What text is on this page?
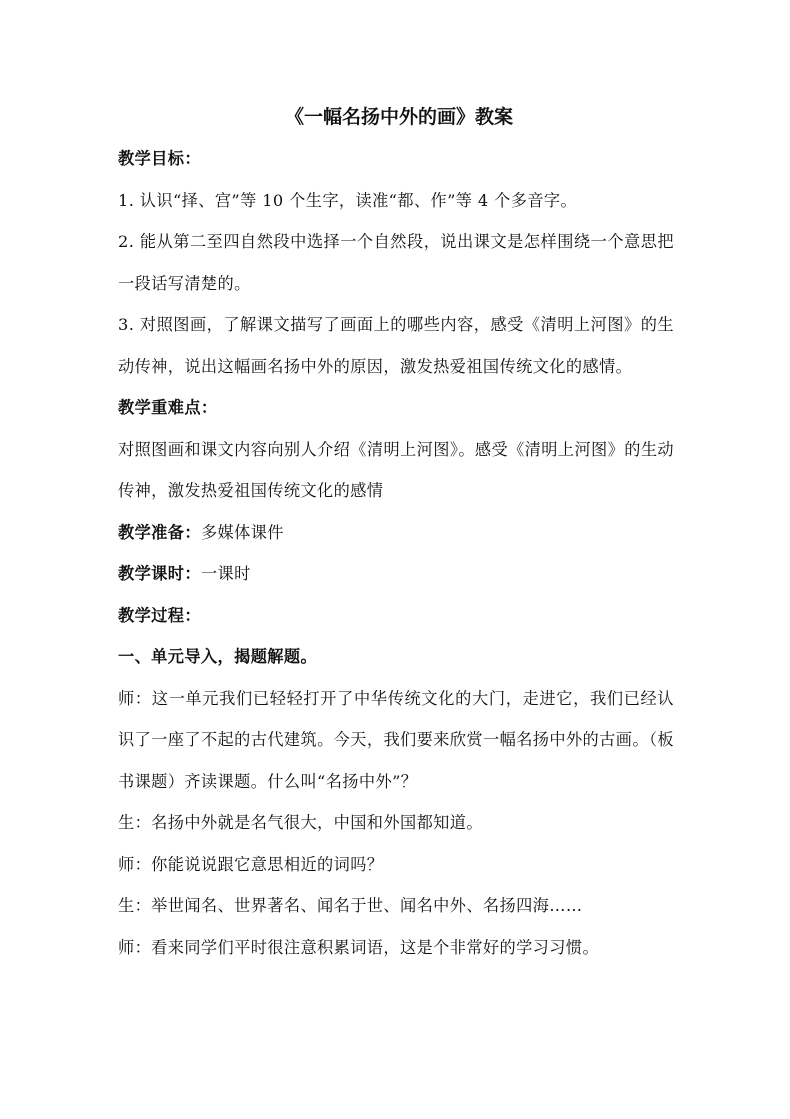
《一幅名扬中外的画》教案
教学目标：
1. 认识“择、宫”等 10 个生字，读准“都、作”等 4 个多音字。
2. 能从第二至四自然段中选择一个自然段，说出课文是怎样围绕一个意思把一段话写清楚的。
3. 对照图画，了解课文描写了画面上的哪些内容，感受《清明上河图》的生动传神，说出这幅画名扬中外的原因，激发热爱祖国传统文化的感情。
教学重难点：
对照图画和课文内容向别人介绍《清明上河图》。感受《清明上河图》的生动传神，激发热爱祖国传统文化的感情
教学准备：多媒体课件
教学课时：一课时
教学过程：
一、单元导入，揭题解题。
师：这一单元我们已轻轻打开了中华传统文化的大门，走进它，我们已经认识了一座了不起的古代建筑。今天，我们要来欣赏一幅名扬中外的古画。（板书课题）齐读课题。什么叫“名扬中外”？
生：名扬中外就是名气很大，中国和外国都知道。
师：你能说说跟它意思相近的词吗？
生：举世闻名、世界著名、闻名于世、闻名中外、名扬四海……
师：看来同学们平时很注意积累词语，这是个非常好的学习习惯。
